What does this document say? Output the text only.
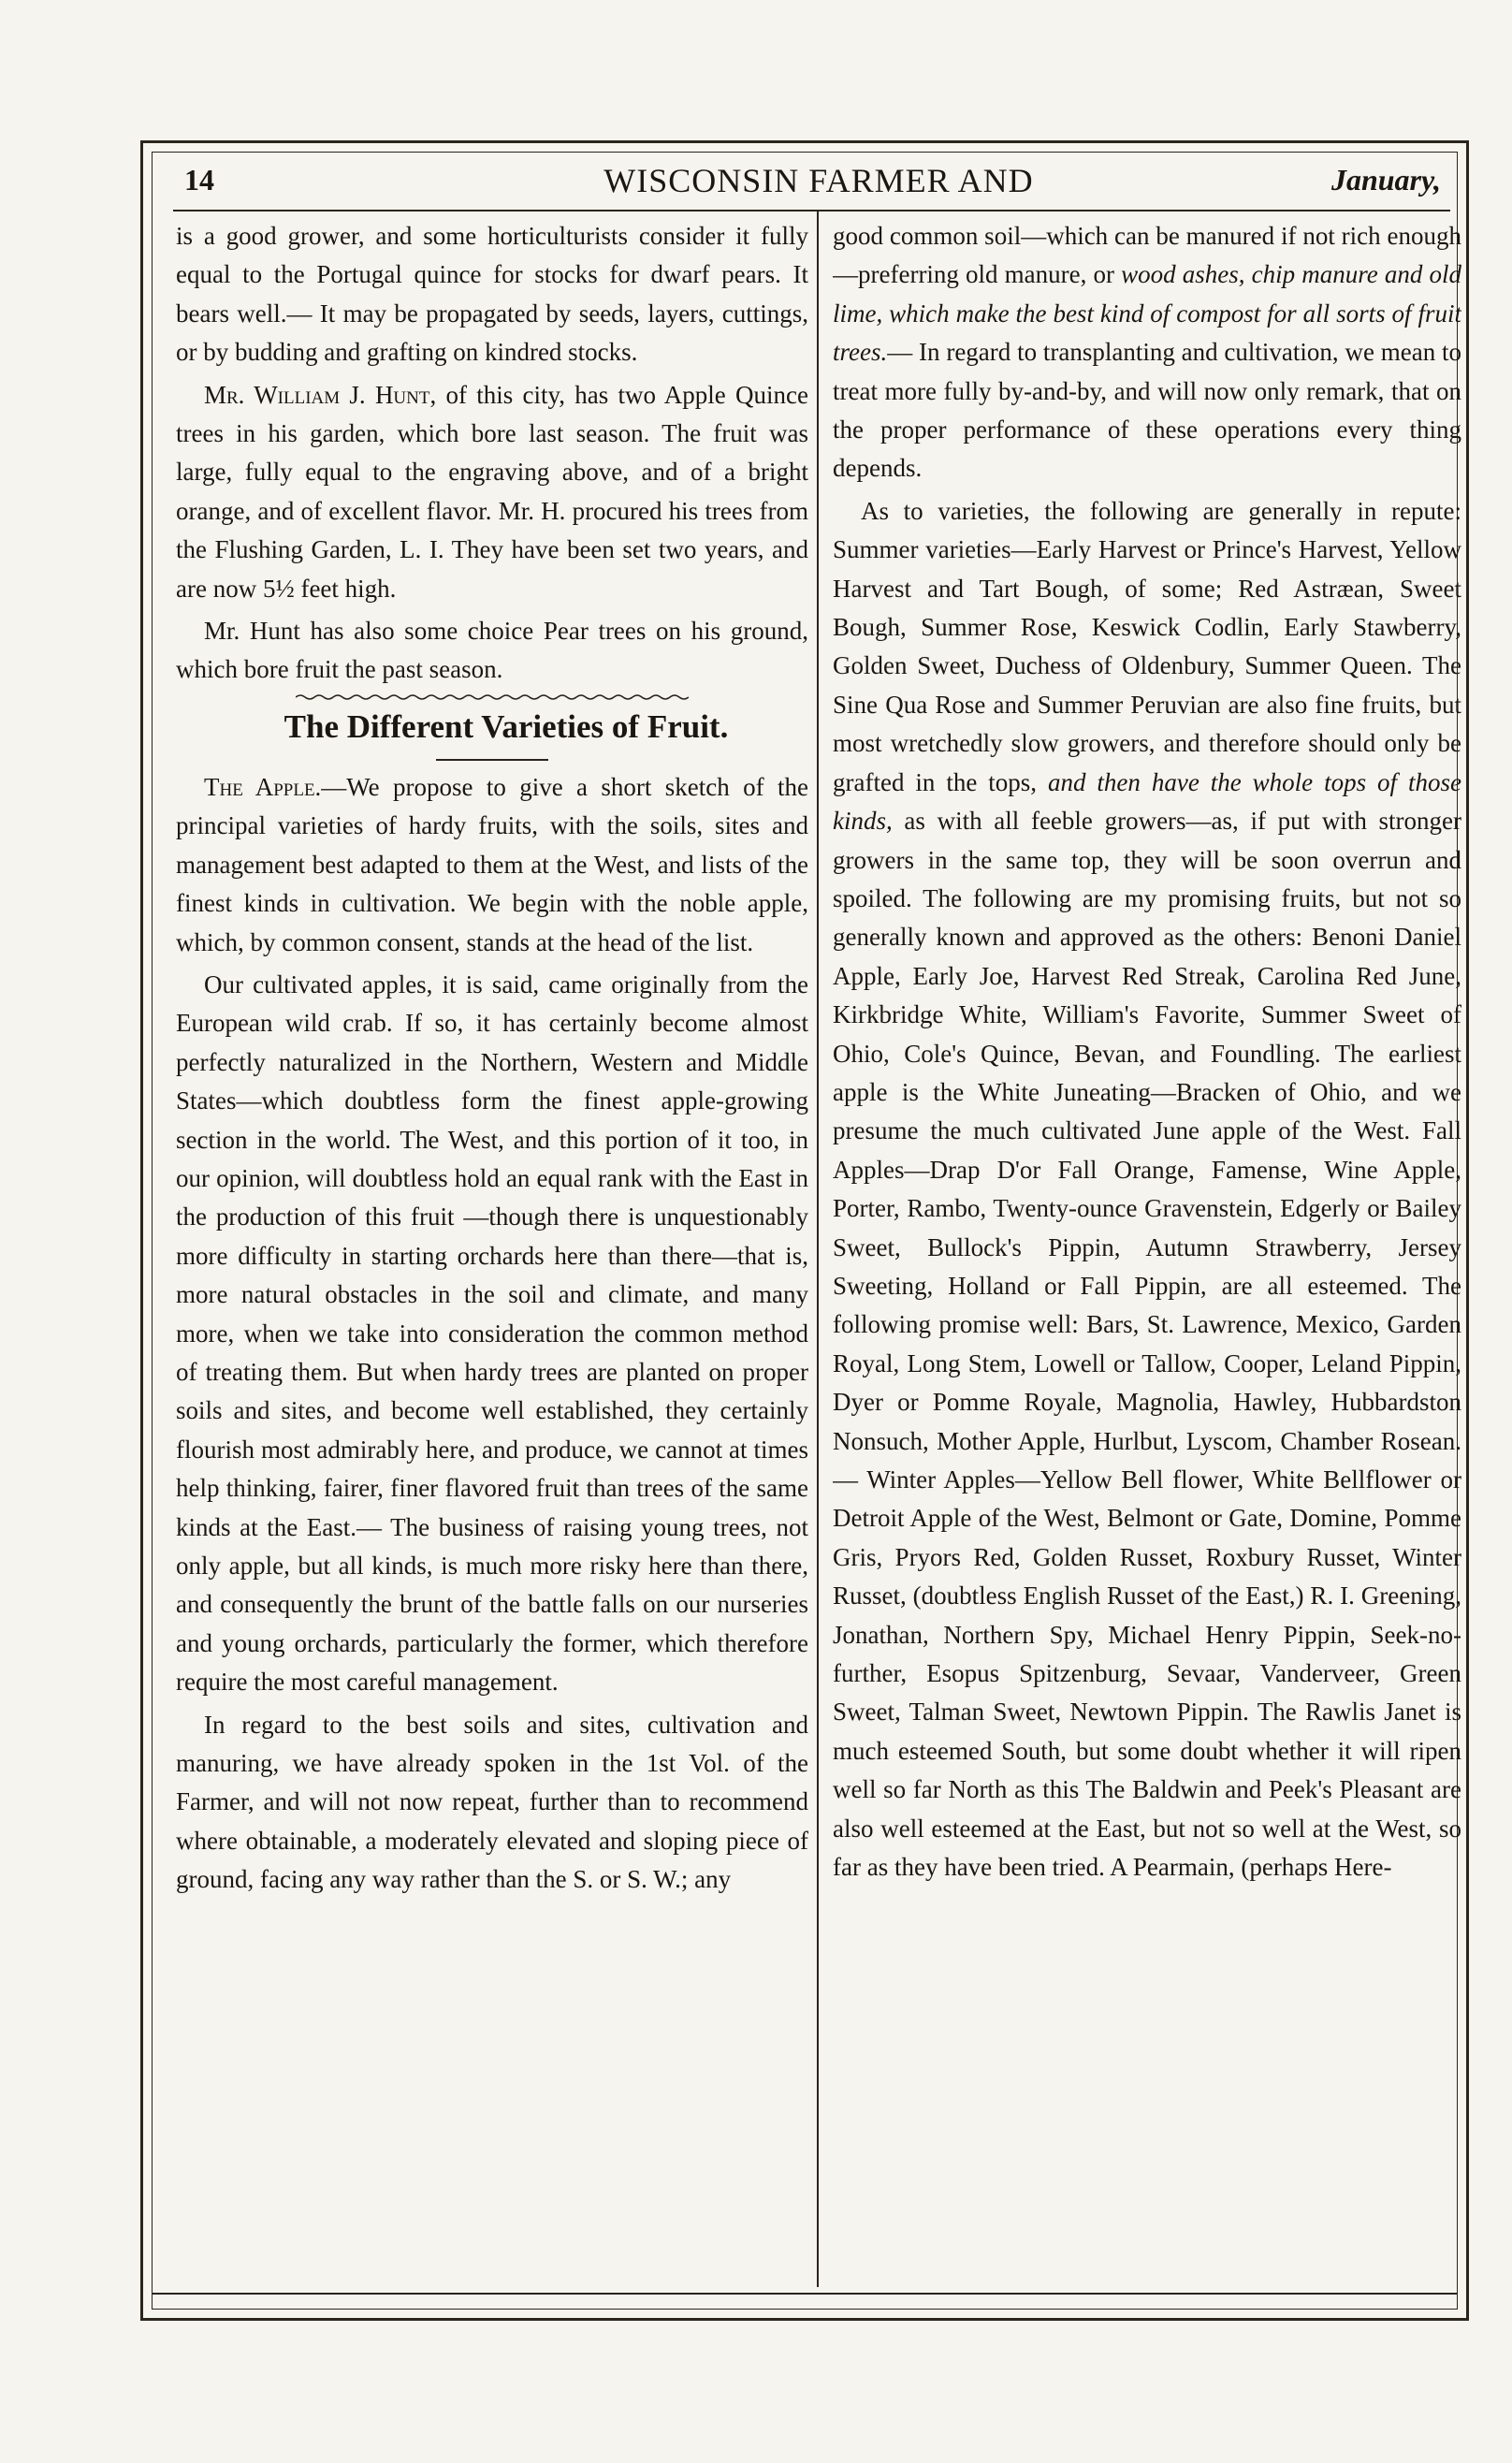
14	WISCONSIN FARMER AND	January,

is a good grower, and some horticulturists consider it fully equal to the Portugal quince for stocks for dwarf pears. It bears well.— It may be propagated by seeds, layers, cuttings, or by budding and grafting on kindred stocks.

Mr. William J. Hunt, of this city, has two Apple Quince trees in his garden, which bore last season. The fruit was large, fully equal to the engraving above, and of a bright orange, and of excellent flavor. Mr. H. procured his trees from the Flushing Garden, L. I. They have been set two years, and are now 5½ feet high.

Mr. Hunt has also some choice Pear trees on his ground, which bore fruit the past season.

The Different Varieties of Fruit.

The Apple.—We propose to give a short sketch of the principal varieties of hardy fruits, with the soils, sites and management best adapted to them at the West, and lists of the finest kinds in cultivation. We begin with the noble apple, which, by common consent, stands at the head of the list.

Our cultivated apples, it is said, came originally from the European wild crab. If so, it has certainly become almost perfectly naturalized in the Northern, Western and Middle States—which doubtless form the finest apple-growing section in the world. The West, and this portion of it too, in our opinion, will doubtless hold an equal rank with the East in the production of this fruit —though there is unquestionably more difficulty in starting orchards here than there—that is, more natural obstacles in the soil and climate, and many more, when we take into consideration the common method of treating them. But when hardy trees are planted on proper soils and sites, and become well established, they certainly flourish most admirably here, and produce, we cannot at times help thinking, fairer, finer flavored fruit than trees of the same kinds at the East.— The business of raising young trees, not only apple, but all kinds, is much more risky here than there, and consequently the brunt of the battle falls on our nurseries and young orchards, particularly the former, which therefore require the most careful management.

In regard to the best soils and sites, cultivation and manuring, we have already spoken in the 1st Vol. of the Farmer, and will not now repeat, further than to recommend where obtainable, a moderately elevated and sloping piece of ground, facing any way rather than the S. or S. W.; any

good common soil—which can be manured if not rich enough—preferring old manure, or wood ashes, chip manure and old lime, which make the best kind of compost for all sorts of fruit trees.— In regard to transplanting and cultivation, we mean to treat more fully by-and-by, and will now only remark, that on the proper performance of these operations every thing depends.

As to varieties, the following are generally in repute: Summer varieties—Early Harvest or Prince's Harvest, Yellow Harvest and Tart Bough, of some; Red Astræan, Sweet Bough, Summer Rose, Keswick Codlin, Early Stawberry, Golden Sweet, Duchess of Oldenbury, Summer Queen. The Sine Qua Rose and Summer Peruvian are also fine fruits, but most wretchedly slow growers, and therefore should only be grafted in the tops, and then have the whole tops of those kinds, as with all feeble growers—as, if put with stronger growers in the same top, they will be soon overrun and spoiled. The following are my promising fruits, but not so generally known and approved as the others: Benoni Daniel Apple, Early Joe, Harvest Red Streak, Carolina Red June, Kirkbridge White, William's Favorite, Summer Sweet of Ohio, Cole's Quince, Bevan, and Foundling. The earliest apple is the White Juneating—Bracken of Ohio, and we presume the much cultivated June apple of the West. Fall Apples—Drap D'or Fall Orange, Famense, Wine Apple, Porter, Rambo, Twenty-ounce Gravenstein, Edgerly or Bailey Sweet, Bullock's Pippin, Autumn Strawberry, Jersey Sweeting, Holland or Fall Pippin, are all esteemed. The following promise well: Bars, St. Lawrence, Mexico, Garden Royal, Long Stem, Lowell or Tallow, Cooper, Leland Pippin, Dyer or Pomme Royale, Magnolia, Hawley, Hubbardston Nonsuch, Mother Apple, Hurlbut, Lyscom, Chamber Rosean.— Winter Apples—Yellow Bell flower, White Bellflower or Detroit Apple of the West, Belmont or Gate, Domine, Pomme Gris, Pryors Red, Golden Russet, Roxbury Russet, Winter Russet, (doubtless English Russet of the East,) R. I. Greening, Jonathan, Northern Spy, Michael Henry Pippin, Seek-no-further, Esopus Spitzenburg, Sevaar, Vanderveer, Green Sweet, Talman Sweet, Newtown Pippin. The Rawlis Janet is much esteemed South, but some doubt whether it will ripen well so far North as this The Baldwin and Peek's Pleasant are also well esteemed at the East, but not so well at the West, so far as they have been tried. A Pearmain, (perhaps Here-
